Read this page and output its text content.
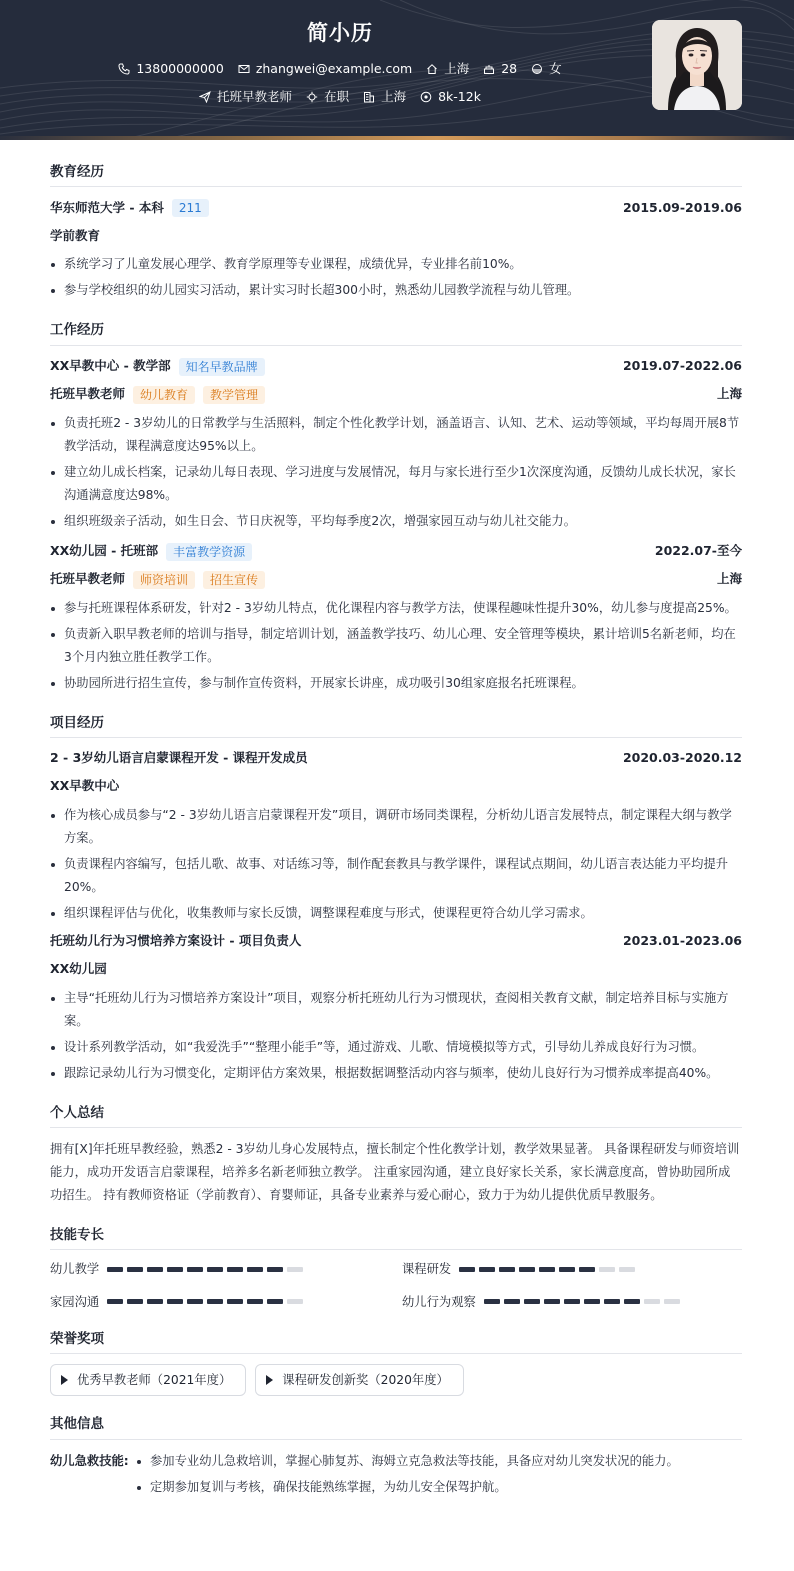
简小历
13800000000	zhangwei@example.com	上海	28	女
托班早教老师	在职	上海	8k-12k
教育经历
华东师范大学 - 本科	211	2015.09-2019.06
学前教育
系统学习了儿童发展心理学、教育学原理等专业课程，成绩优异，专业排名前10%。
参与学校组织的幼儿园实习活动，累计实习时长超300小时，熟悉幼儿园教学流程与幼儿管理。
工作经历
XX早教中心 - 教学部	知名早教品牌	2019.07-2022.06
托班早教老师	幼儿教育	教学管理	上海
负责托班2 - 3岁幼儿的日常教学与生活照料，制定个性化教学计划，涵盖语言、认知、艺术、运动等领域，平均每周开展8节教学活动，课程满意度达95%以上。
建立幼儿成长档案，记录幼儿每日表现、学习进度与发展情况，每月与家长进行至少1次深度沟通，反馈幼儿成长状况，家长沟通满意度达98%。
组织班级亲子活动，如生日会、节日庆祝等，平均每季度2次，增强家园互动与幼儿社交能力。
XX幼儿园 - 托班部	丰富教学资源	2022.07-至今
托班早教老师	师资培训	招生宣传	上海
参与托班课程体系研发，针对2 - 3岁幼儿特点，优化课程内容与教学方法，使课程趣味性提升30%，幼儿参与度提高25%。
负责新入职早教老师的培训与指导，制定培训计划，涵盖教学技巧、幼儿心理、安全管理等模块，累计培训5名新老师，均在3个月内独立胜任教学工作。
协助园所进行招生宣传，参与制作宣传资料，开展家长讲座，成功吸引30组家庭报名托班课程。
项目经历
2 - 3岁幼儿语言启蒙课程开发 - 课程开发成员	2020.03-2020.12
XX早教中心
作为核心成员参与“2 - 3岁幼儿语言启蒙课程开发”项目，调研市场同类课程，分析幼儿语言发展特点，制定课程大纲与教学方案。
负责课程内容编写，包括儿歌、故事、对话练习等，制作配套教具与教学课件，课程试点期间，幼儿语言表达能力平均提升20%。
组织课程评估与优化，收集教师与家长反馈，调整课程难度与形式，使课程更符合幼儿学习需求。
托班幼儿行为习惯培养方案设计 - 项目负责人	2023.01-2023.06
XX幼儿园
主导“托班幼儿行为习惯培养方案设计”项目，观察分析托班幼儿行为习惯现状，查阅相关教育文献，制定培养目标与实施方案。
设计系列教学活动，如“我爱洗手”“整理小能手”等，通过游戏、儿歌、情境模拟等方式，引导幼儿养成良好行为习惯。
跟踪记录幼儿行为习惯变化，定期评估方案效果，根据数据调整活动内容与频率，使幼儿良好行为习惯养成率提高40%。
个人总结
拥有[X]年托班早教经验，熟悉2 - 3岁幼儿身心发展特点，擅长制定个性化教学计划，教学效果显著。 具备课程研发与师资培训能力，成功开发语言启蒙课程，培养多名新老师独立教学。 注重家园沟通，建立良好家长关系，家长满意度高，曾协助园所成功招生。 持有教师资格证（学前教育）、育婴师证，具备专业素养与爱心耐心，致力于为幼儿提供优质早教服务。
技能专长
幼儿教学	课程研发
家园沟通	幼儿行为观察
荣誉奖项
优秀早教老师（2021年度）	课程研发创新奖（2020年度）
其他信息
幼儿急救技能:	参加专业幼儿急救培训，掌握心肺复苏、海姆立克急救法等技能，具备应对幼儿突发状况的能力。
定期参加复训与考核，确保技能熟练掌握，为幼儿安全保驾护航。
